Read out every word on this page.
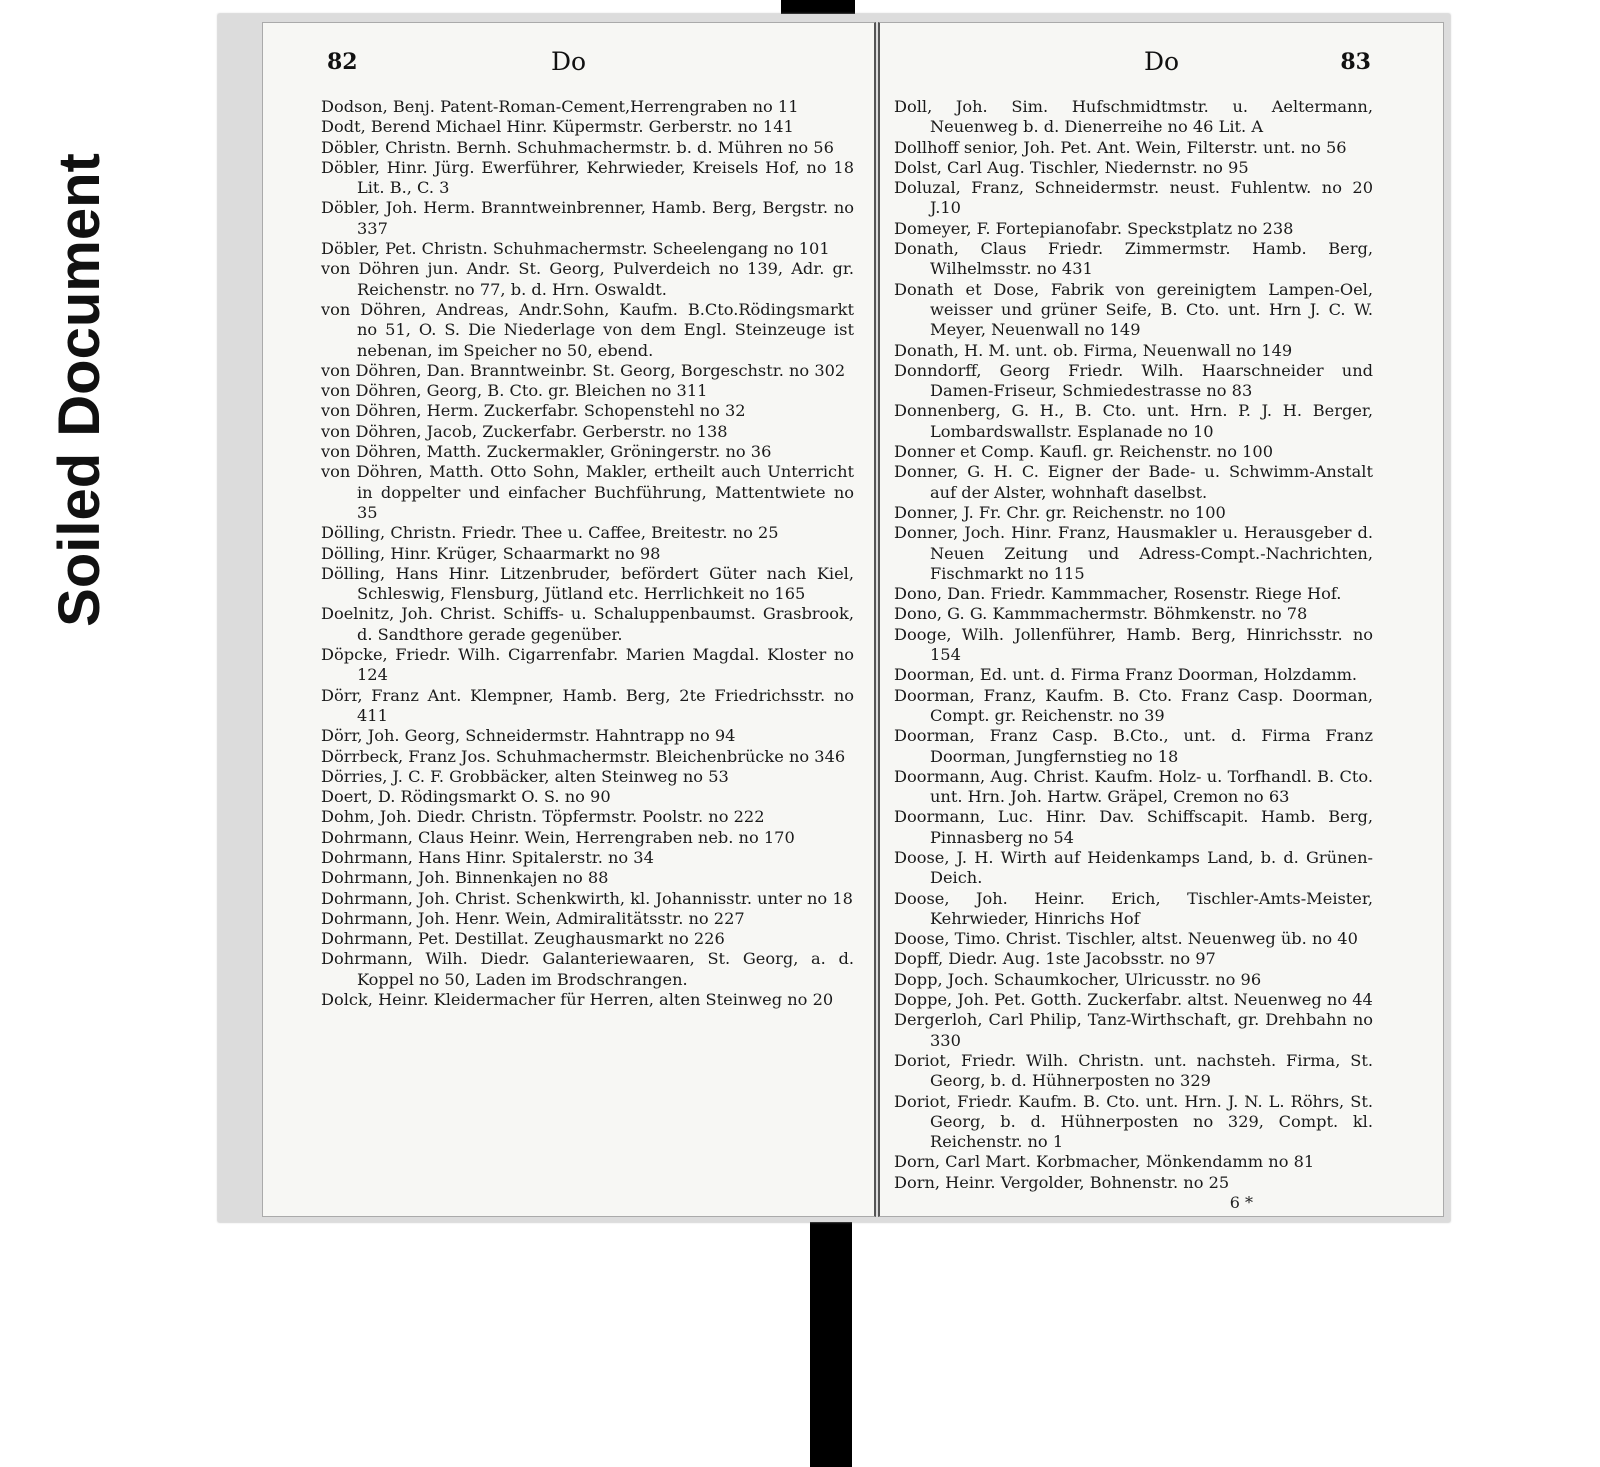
Soiled Document
82	Do

Dodson, Benj. Patent-Roman-Cement,Herrengraben no 11

Dodt, Berend Michael Hinr. Küpermstr. Gerberstr. no 141

Döbler, Christn. Bernh. Schuhmachermstr. b. d. Mühren no 56

Döbler, Hinr. Jürg. Ewerführer, Kehrwieder, Kreisels Hof, no 18 Lit. B., C. 3

Döbler, Joh. Herm. Branntweinbrenner, Hamb. Berg, Bergstr. no 337

Döbler, Pet. Christn. Schuhmachermstr. Scheelengang no 101

von Döhren jun. Andr. St. Georg, Pulverdeich no 139, Adr. gr. Reichenstr. no 77, b. d. Hrn. Oswaldt.

von Döhren, Andreas, Andr.Sohn, Kaufm. B.Cto.Rödingsmarkt no 51, O. S. Die Niederlage von dem Engl. Steinzeuge ist nebenan, im Speicher no 50, ebend.

von Döhren, Dan. Branntweinbr. St. Georg, Borgeschstr. no 302

von Döhren, Georg, B. Cto. gr. Bleichen no 311

von Döhren, Herm. Zuckerfabr. Schopenstehl no 32

von Döhren, Jacob, Zuckerfabr. Gerberstr. no 138

von Döhren, Matth. Zuckermakler, Gröningerstr. no 36

von Döhren, Matth. Otto Sohn, Makler, ertheilt auch Unterricht in doppelter und einfacher Buchführung, Mattentwiete no 35

Dölling, Christn. Friedr. Thee u. Caffee, Breitestr. no 25

Dölling, Hinr. Krüger, Schaarmarkt no 98

Dölling, Hans Hinr. Litzenbruder, befördert Güter nach Kiel, Schleswig, Flensburg, Jütland etc. Herrlichkeit no 165

Doelnitz, Joh. Christ. Schiffs- u. Schaluppenbaumst. Grasbrook, d. Sandthore gerade gegenüber.

Döpcke, Friedr. Wilh. Cigarrenfabr. Marien Magdal. Kloster no 124

Dörr, Franz Ant. Klempner, Hamb. Berg, 2te Friedrichsstr. no 411

Dörr, Joh. Georg, Schneidermstr. Hahntrapp no 94

Dörrbeck, Franz Jos. Schuhmachermstr. Bleichenbrücke no 346

Dörries, J. C. F. Grobbäcker, alten Steinweg no 53

Doert, D. Rödingsmarkt O. S. no 90

Dohm, Joh. Diedr. Christn. Töpfermstr. Poolstr. no 222

Dohrmann, Claus Heinr. Wein, Herrengraben neb. no 170

Dohrmann, Hans Hinr. Spitalerstr. no 34

Dohrmann, Joh. Binnenkajen no 88

Dohrmann, Joh. Christ. Schenkwirth, kl. Johannisstr. unter no 18

Dohrmann, Joh. Henr. Wein, Admiralitätsstr. no 227

Dohrmann, Pet. Destillat. Zeughausmarkt no 226

Dohrmann, Wilh. Diedr. Galanteriewaaren, St. Georg, a. d. Koppel no 50, Laden im Brodschrangen.

Dolck, Heinr. Kleidermacher für Herren, alten Steinweg no 20

Do	83

Doll, Joh. Sim. Hufschmidtmstr. u. Aeltermann, Neuenweg b. d. Dienerreihe no 46 Lit. A

Dollhoff senior, Joh. Pet. Ant. Wein, Filterstr. unt. no 56

Dolst, Carl Aug. Tischler, Niedernstr. no 95

Doluzal, Franz, Schneidermstr. neust. Fuhlentw. no 20 J.10

Domeyer, F. Fortepianofabr. Speckstplatz no 238

Donath, Claus Friedr. Zimmermstr. Hamb. Berg, Wilhelmsstr. no 431

Donath et Dose, Fabrik von gereinigtem Lampen-Oel, weisser und grüner Seife, B. Cto. unt. Hrn J. C. W. Meyer, Neuenwall no 149

Donath, H. M. unt. ob. Firma, Neuenwall no 149

Donndorff, Georg Friedr. Wilh. Haarschneider und Damen-Friseur, Schmiedestrasse no 83

Donnenberg, G. H., B. Cto. unt. Hrn. P. J. H. Berger, Lombardswallstr. Esplanade no 10

Donner et Comp. Kaufl. gr. Reichenstr. no 100

Donner, G. H. C. Eigner der Bade- u. Schwimm-Anstalt auf der Alster, wohnhaft daselbst.

Donner, J. Fr. Chr. gr. Reichenstr. no 100

Donner, Joch. Hinr. Franz, Hausmakler u. Herausgeber d. Neuen Zeitung und Adress-Compt.-Nachrichten, Fischmarkt no 115

Dono, Dan. Friedr. Kammmacher, Rosenstr. Riege Hof.

Dono, G. G. Kammmachermstr. Böhmkenstr. no 78

Dooge, Wilh. Jollenführer, Hamb. Berg, Hinrichsstr. no 154

Doorman, Ed. unt. d. Firma Franz Doorman, Holzdamm.

Doorman, Franz, Kaufm. B. Cto. Franz Casp. Doorman, Compt. gr. Reichenstr. no 39

Doorman, Franz Casp. B.Cto., unt. d. Firma Franz Doorman, Jungfernstieg no 18

Doormann, Aug. Christ. Kaufm. Holz- u. Torfhandl. B. Cto. unt. Hrn. Joh. Hartw. Gräpel, Cremon no 63

Doormann, Luc. Hinr. Dav. Schiffscapit. Hamb. Berg, Pinnasberg no 54

Doose, J. H. Wirth auf Heidenkamps Land, b. d. Grünen-Deich.

Doose, Joh. Heinr. Erich, Tischler-Amts-Meister, Kehrwieder, Hinrichs Hof

Doose, Timo. Christ. Tischler, altst. Neuenweg üb. no 40

Dopff, Diedr. Aug. 1ste Jacobsstr. no 97

Dopp, Joch. Schaumkocher, Ulricusstr. no 96

Doppe, Joh. Pet. Gotth. Zuckerfabr. altst. Neuenweg no 44

Dergerloh, Carl Philip, Tanz-Wirthschaft, gr. Drehbahn no 330

Doriot, Friedr. Wilh. Christn. unt. nachsteh. Firma, St. Georg, b. d. Hühnerposten no 329

Doriot, Friedr. Kaufm. B. Cto. unt. Hrn. J. N. L. Röhrs, St. Georg, b. d. Hühnerposten no 329, Compt. kl. Reichenstr. no 1

Dorn, Carl Mart. Korbmacher, Mönkendamm no 81

Dorn, Heinr. Vergolder, Bohnenstr. no 25

6 *
